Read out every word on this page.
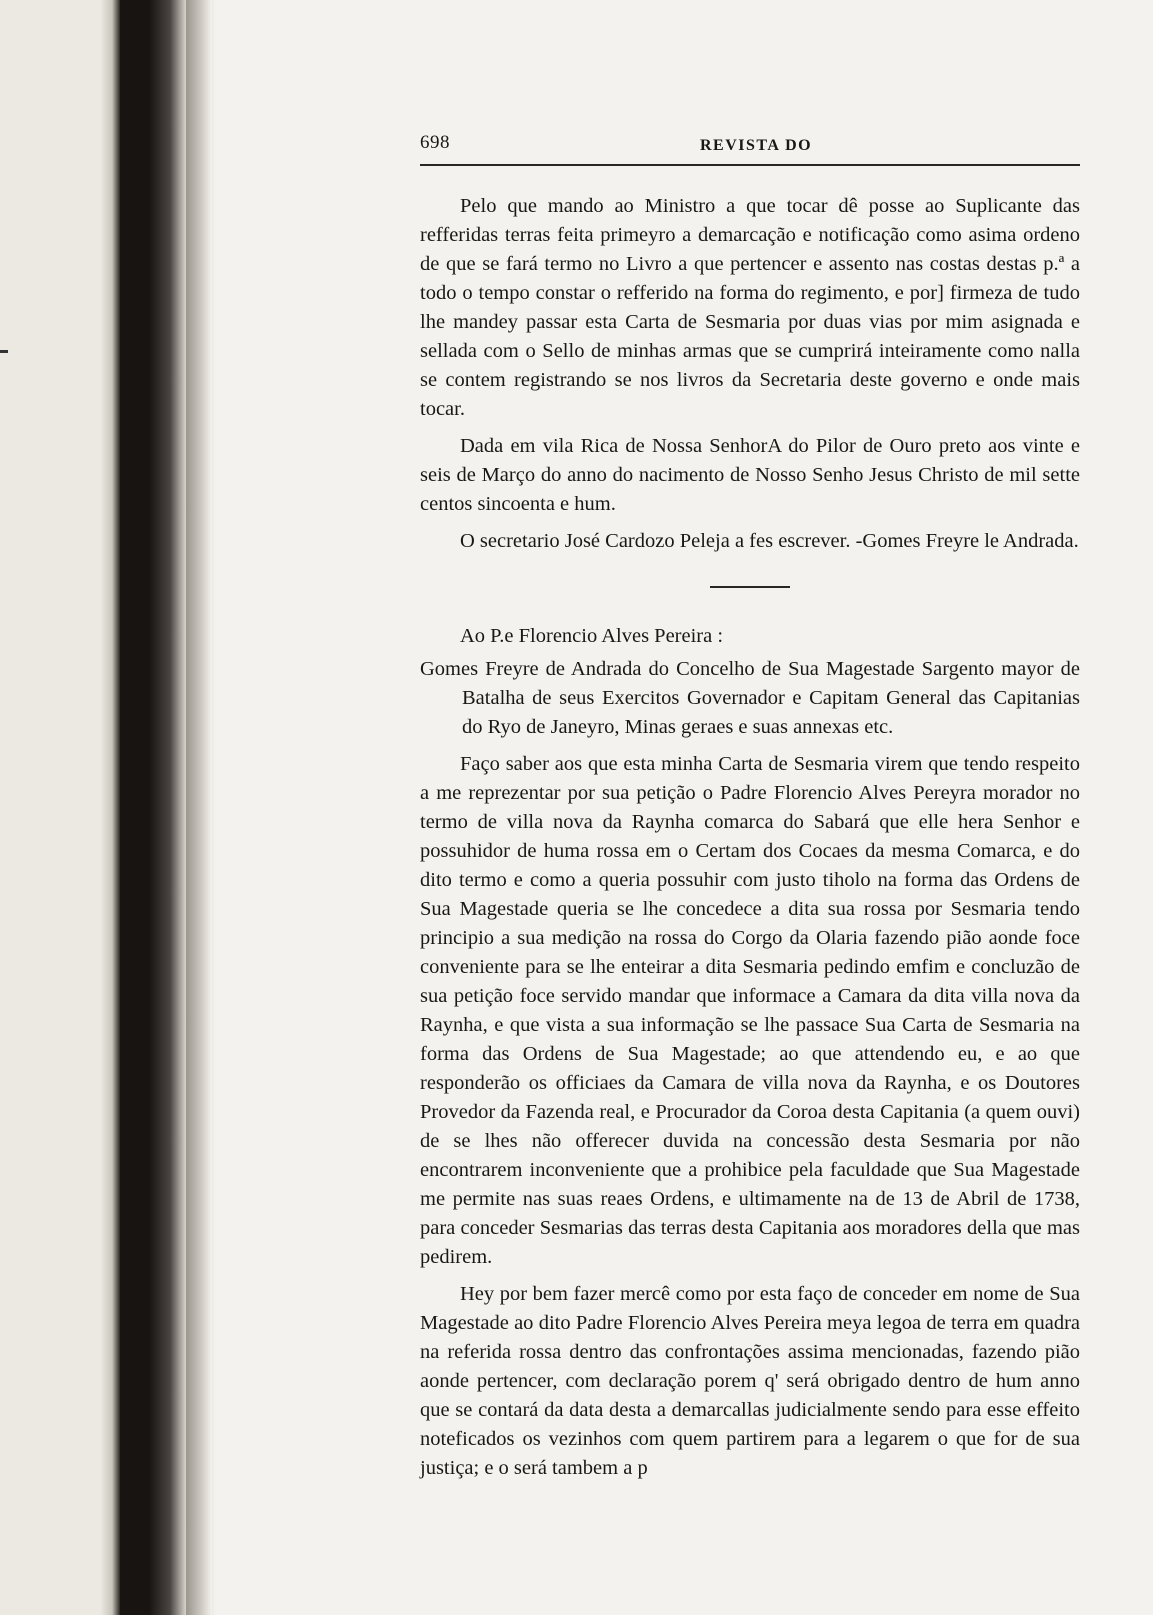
698	REVISTA DO

Pelo que mando ao Ministro a que tocar dê posse ao Suplicante das refferidas terras feita primeyro a demarcação e notificação como asima ordeno de que se fará termo no Livro a que pertencer e assento nas costas destas p.ª a todo o tempo constar o refferido na forma do regimento, e por] firmeza de tudo lhe mandey passar esta Carta de Sesmaria por duas vias por mim asignada e sellada com o Sello de minhas armas que se cumprirá inteiramente como nalla se contem registrando se nos livros da Secretaria deste governo e onde mais tocar.

Dada em vila Rica de Nossa SenhorA do Pilor de Ouro preto aos vinte e seis de Março do anno do nacimento de Nosso Senho Jesus Christo de mil sette centos sincoenta e hum.

O secretario José Cardozo Peleja a fes escrever. -Gomes Freyre le Andrada.

Ao P.e Florencio Alves Pereira :

Gomes Freyre de Andrada do Concelho de Sua Magestade Sargento mayor de Batalha de seus Exercitos Governador e Capitam General das Capitanias do Ryo de Janeyro, Minas geraes e suas annexas etc.

Faço saber aos que esta minha Carta de Sesmaria virem que tendo respeito a me reprezentar por sua petição o Padre Florencio Alves Pereyra morador no termo de villa nova da Raynha comarca do Sabará que elle hera Senhor e possuhidor de huma rossa em o Certam dos Cocaes da mesma Comarca, e do dito termo e como a queria possuhir com justo tiholo na forma das Ordens de Sua Magestade queria se lhe concedece a dita sua rossa por Sesmaria tendo principio a sua medição na rossa do Corgo da Olaria fazendo pião aonde foce conveniente para se lhe enteirar a dita Sesmaria pedindo emfim e concluzão de sua petição foce servido mandar que informace a Camara da dita villa nova da Raynha, e que vista a sua informação se lhe passace Sua Carta de Sesmaria na forma das Ordens de Sua Magestade; ao que attendendo eu, e ao que responderão os officiaes da Camara de villa nova da Raynha, e os Doutores Provedor da Fazenda real, e Procurador da Coroa desta Capitania (a quem ouvi) de se lhes não offerecer duvida na concessão desta Sesmaria por não encontrarem inconveniente que a prohibice pela faculdade que Sua Magestade me permite nas suas reaes Ordens, e ultimamente na de 13 de Abril de 1738, para conceder Sesmarias das terras desta Capitania aos moradores della que mas pedirem.

Hey por bem fazer mercê como por esta faço de conceder em nome de Sua Magestade ao dito Padre Florencio Alves Pereira meya legoa de terra em quadra na referida rossa dentro das confrontações assima mencionadas, fazendo pião aonde pertencer, com declaração porem q' será obrigado dentro de hum anno que se contará da data desta a demarcallas judicialmente sendo para esse effeito noteficados os vezinhos com quem partirem para a legarem o que for de sua justiça; e o será tambem a p
